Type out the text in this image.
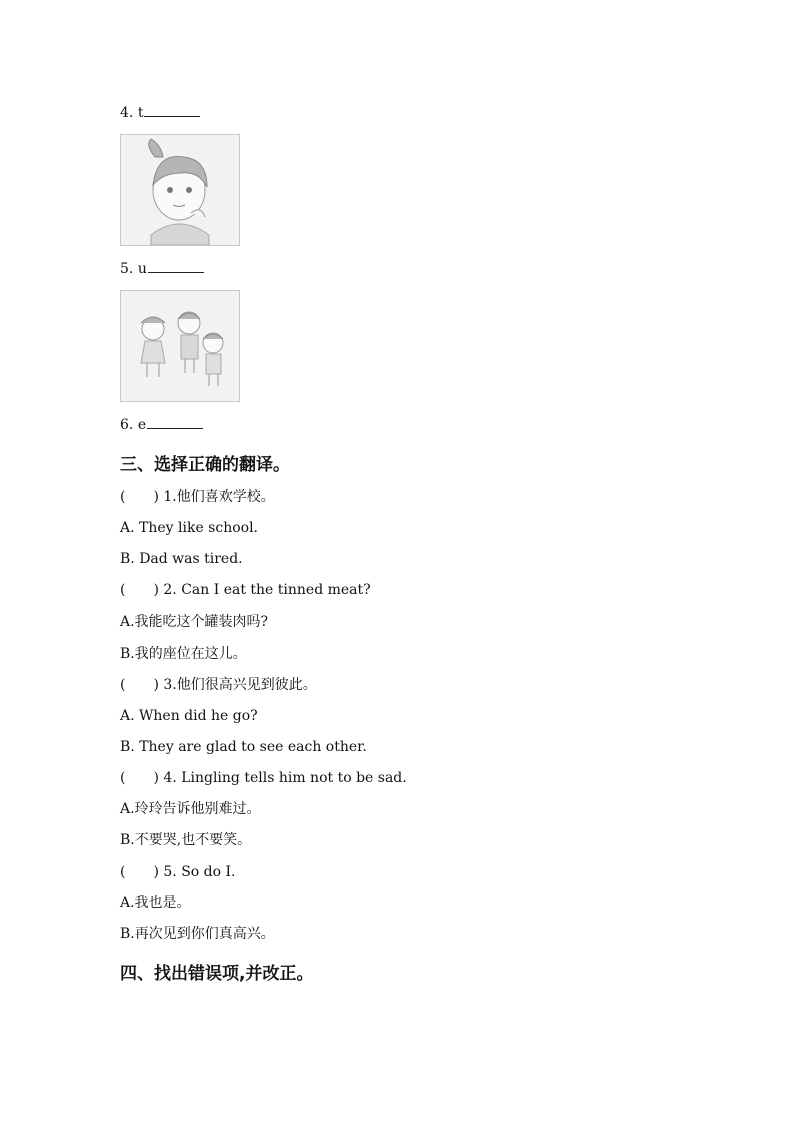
4. t
5. u
6. e
三、选择正确的翻译。
( ) 1.他们喜欢学校。
A. They like school.
B. Dad was tired.
( ) 2. Can I eat the tinned meat?
A.我能吃这个罐装肉吗?
B.我的座位在这儿。
( ) 3.他们很高兴见到彼此。
A. When did he go?
B. They are glad to see each other.
( ) 4. Lingling tells him not to be sad.
A.玲玲告诉他别难过。
B.不要哭,也不要笑。
( ) 5. So do I.
A.我也是。
B.再次见到你们真高兴。
四、找出错误项,并改正。
